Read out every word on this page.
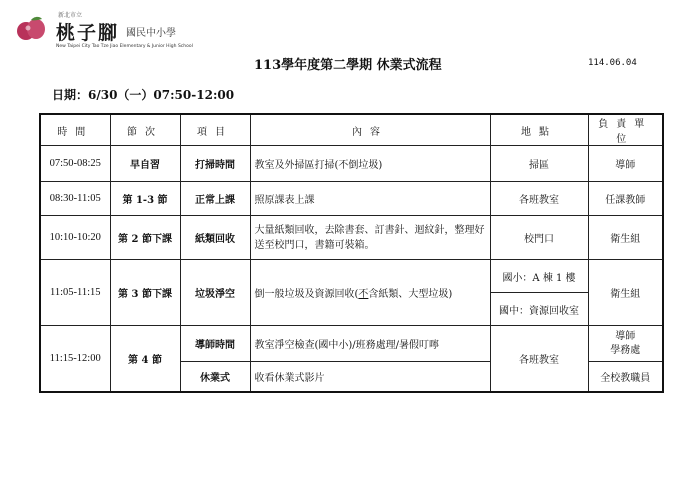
新北市立
桃子腳 國民中小學
New Taipei City Tao Tze Jiao Elementary & Junior High School
113學年度第二學期 休業式流程	114.06.04
日期：6/30（一）07:50-12:00
時間	節次	項目	內容	地點	負責單位
07:50-08:25	早自習	打掃時間	教室及外掃區打掃(不倒垃圾)	掃區	導師
08:30-11:05	第 1-3 節	正常上課	照原課表上課	各班教室	任課教師
10:10-10:20	第 2 節下課	紙類回收	大量紙類回收，去除書套、訂書針、迴紋針，整理好送至校門口，書籍可裝箱。	校門口	衛生組
11:05-11:15	第 3 節下課	垃圾淨空	倒一般垃圾及資源回收(不含紙類、大型垃圾)	國小：A 棟 1 樓	衛生組
				國中：資源回收室	
11:15-12:00	第 4 節	導師時間	教室淨空檢查(國中小)/班務處理/暑假叮嚀	各班教室	導師
學務處

		休業式	收看休業式影片		全校教職員
